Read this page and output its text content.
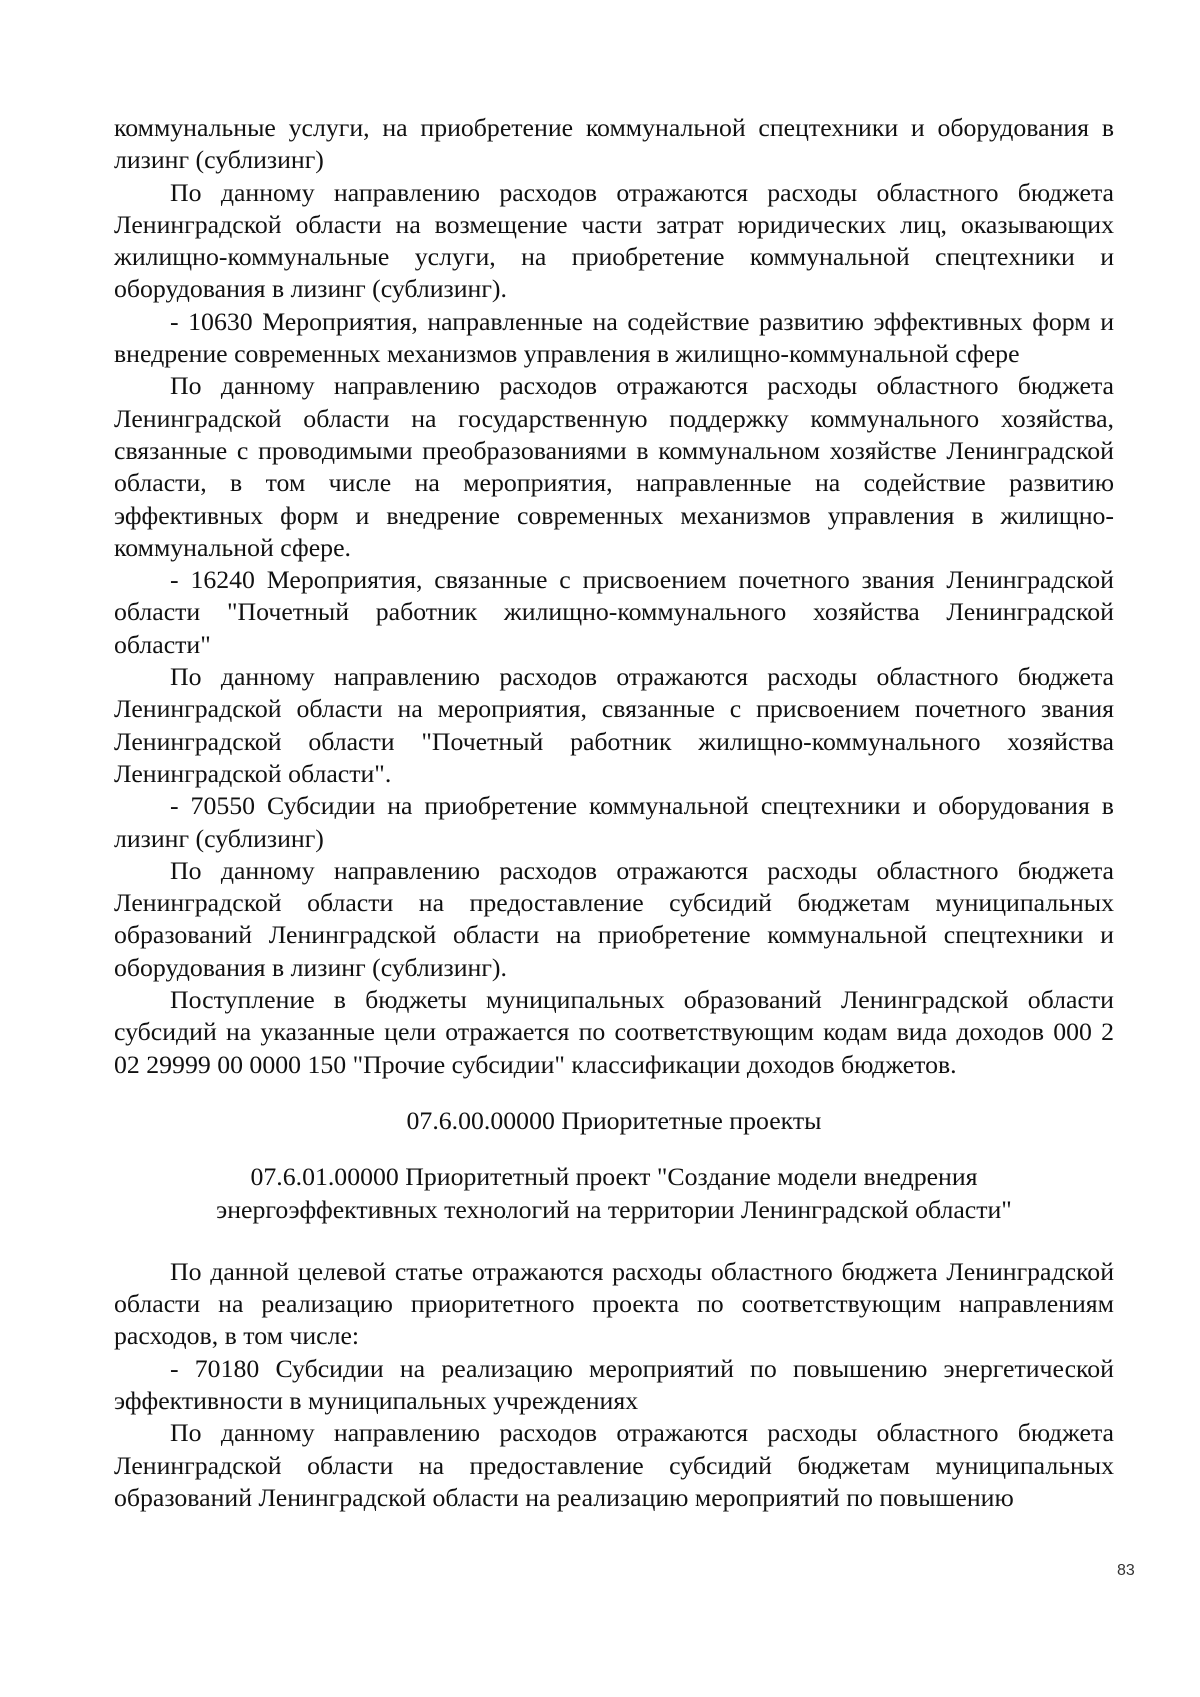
коммунальные услуги, на приобретение коммунальной спецтехники и оборудования в лизинг (сублизинг)

По данному направлению расходов отражаются расходы областного бюджета Ленинградской области на возмещение части затрат юридических лиц, оказывающих жилищно-коммунальные услуги, на приобретение коммунальной спецтехники и оборудования в лизинг (сублизинг).

- 10630 Мероприятия, направленные на содействие развитию эффективных форм и внедрение современных механизмов управления в жилищно-коммунальной сфере

По данному направлению расходов отражаются расходы областного бюджета Ленинградской области на государственную поддержку коммунального хозяйства, связанные с проводимыми преобразованиями в коммунальном хозяйстве Ленинградской области, в том числе на мероприятия, направленные на содействие развитию эффективных форм и внедрение современных механизмов управления в жилищно-коммунальной сфере.

- 16240 Мероприятия, связанные с присвоением почетного звания Ленинградской области "Почетный работник жилищно-коммунального хозяйства Ленинградской области"

По данному направлению расходов отражаются расходы областного бюджета Ленинградской области на мероприятия, связанные с присвоением почетного звания Ленинградской области "Почетный работник жилищно-коммунального хозяйства Ленинградской области".

- 70550 Субсидии на приобретение коммунальной спецтехники и оборудования в лизинг (сублизинг)

По данному направлению расходов отражаются расходы областного бюджета Ленинградской области на предоставление субсидий бюджетам муниципальных образований Ленинградской области на приобретение коммунальной спецтехники и оборудования в лизинг (сублизинг).

Поступление в бюджеты муниципальных образований Ленинградской области субсидий на указанные цели отражается по соответствующим кодам вида доходов 000 2 02 29999 00 0000 150 "Прочие субсидии" классификации доходов бюджетов.

07.6.00.00000 Приоритетные проекты

07.6.01.00000 Приоритетный проект "Создание модели внедрения энергоэффективных технологий на территории Ленинградской области"

По данной целевой статье отражаются расходы областного бюджета Ленинградской области на реализацию приоритетного проекта по соответствующим направлениям расходов, в том числе:

- 70180 Субсидии на реализацию мероприятий по повышению энергетической эффективности в муниципальных учреждениях

По данному направлению расходов отражаются расходы областного бюджета Ленинградской области на предоставление субсидий бюджетам муниципальных образований Ленинградской области на реализацию мероприятий по повышению

83
